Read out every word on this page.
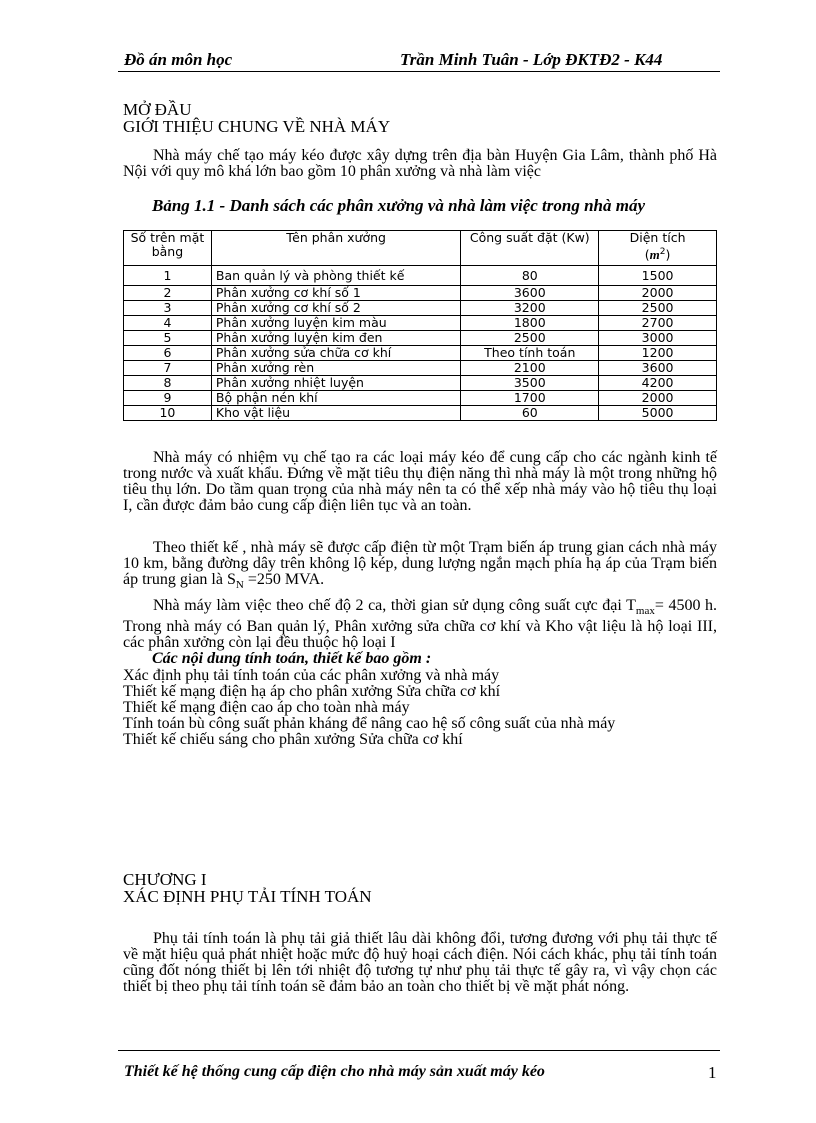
Đồ án môn học	Trần Minh Tuân - Lớp ĐKTĐ2 - K44
MỞ ĐẦU
GIỚI THIỆU CHUNG VỀ NHÀ MÁY

Nhà máy chế tạo máy kéo được xây dựng trên địa bàn Huyện Gia Lâm, thành phố Hà Nội với quy mô khá lớn bao gồm 10 phân xưởng và nhà làm việc

Bảng 1.1 - Danh sách các phân xưởng và nhà làm việc trong nhà máy
Số trên mặt bằng	Tên phân xưởng	Công suất đặt (Kw)	Diện tích
$(m^2)$
1	Ban quản lý và phòng thiết kế	80	1500
2	Phân xưởng cơ khí số 1	3600	2000
3	Phân xưởng cơ khí số 2	3200	2500
4	Phân xưởng luyện kim màu	1800	2700
5	Phân xưởng luyện kim đen	2500	3000
6	Phân xưởng sửa chữa cơ khí	Theo tính toán	1200
7	Phân xưởng rèn	2100	3600
8	Phân xưởng nhiệt luyện	3500	4200
9	Bộ phận nén khí	1700	2000
10	Kho vật liệu	60	5000

Nhà máy có nhiệm vụ chế tạo ra các loại máy kéo để cung cấp cho các ngành kinh tế trong nước và xuất khẩu. Đứng về mặt tiêu thụ điện năng thì nhà máy là một trong những hộ tiêu thụ lớn. Do tầm quan trọng của nhà máy nên ta có thể xếp nhà máy vào hộ tiêu thụ loại I, cần được đảm bảo cung cấp điện liên tục và an toàn.

Theo thiết kế , nhà máy sẽ được cấp điện từ một Trạm biến áp trung gian cách nhà máy 10 km, bằng đường dây trên không lộ kép, dung lượng ngắn mạch phía hạ áp của Trạm biến áp trung gian là $S_N =250$ MVA.

Nhà máy làm việc theo chế độ 2 ca, thời gian sử dụng công suất cực đại $T_{max}= 4500$ h. Trong nhà máy có Ban quản lý, Phân xưởng sửa chữa cơ khí và Kho vật liệu là hộ loại III, các phân xưởng còn lại đều thuộc hộ loại I

Các nội dung tính toán, thiết kế bao gồm :
Xác định phụ tải tính toán của các phân xưởng và nhà máy
Thiết kế mạng điện hạ áp cho phân xưởng Sửa chữa cơ khí
Thiết kế mạng điện cao áp cho toàn nhà máy
Tính toán bù công suất phản kháng để nâng cao hệ số công suất của nhà máy
Thiết kế chiếu sáng cho phân xưởng Sửa chữa cơ khí
CHƯƠNG I
XÁC ĐỊNH PHỤ TẢI TÍNH TOÁN

Phụ tải tính toán là phụ tải giả thiết lâu dài không đổi, tương đương với phụ tải thực tế về mặt hiệu quả phát nhiệt hoặc mức độ huỷ hoại cách điện. Nói cách khác, phụ tải tính toán cũng đốt nóng thiết bị lên tới nhiệt độ tương tự như phụ tải thực tế gây ra, vì vậy chọn các thiết bị theo phụ tải tính toán sẽ đảm bảo an toàn cho thiết bị về mặt phát nóng.

Thiết kế hệ thống cung cấp điện cho nhà máy sản xuất máy kéo	1
